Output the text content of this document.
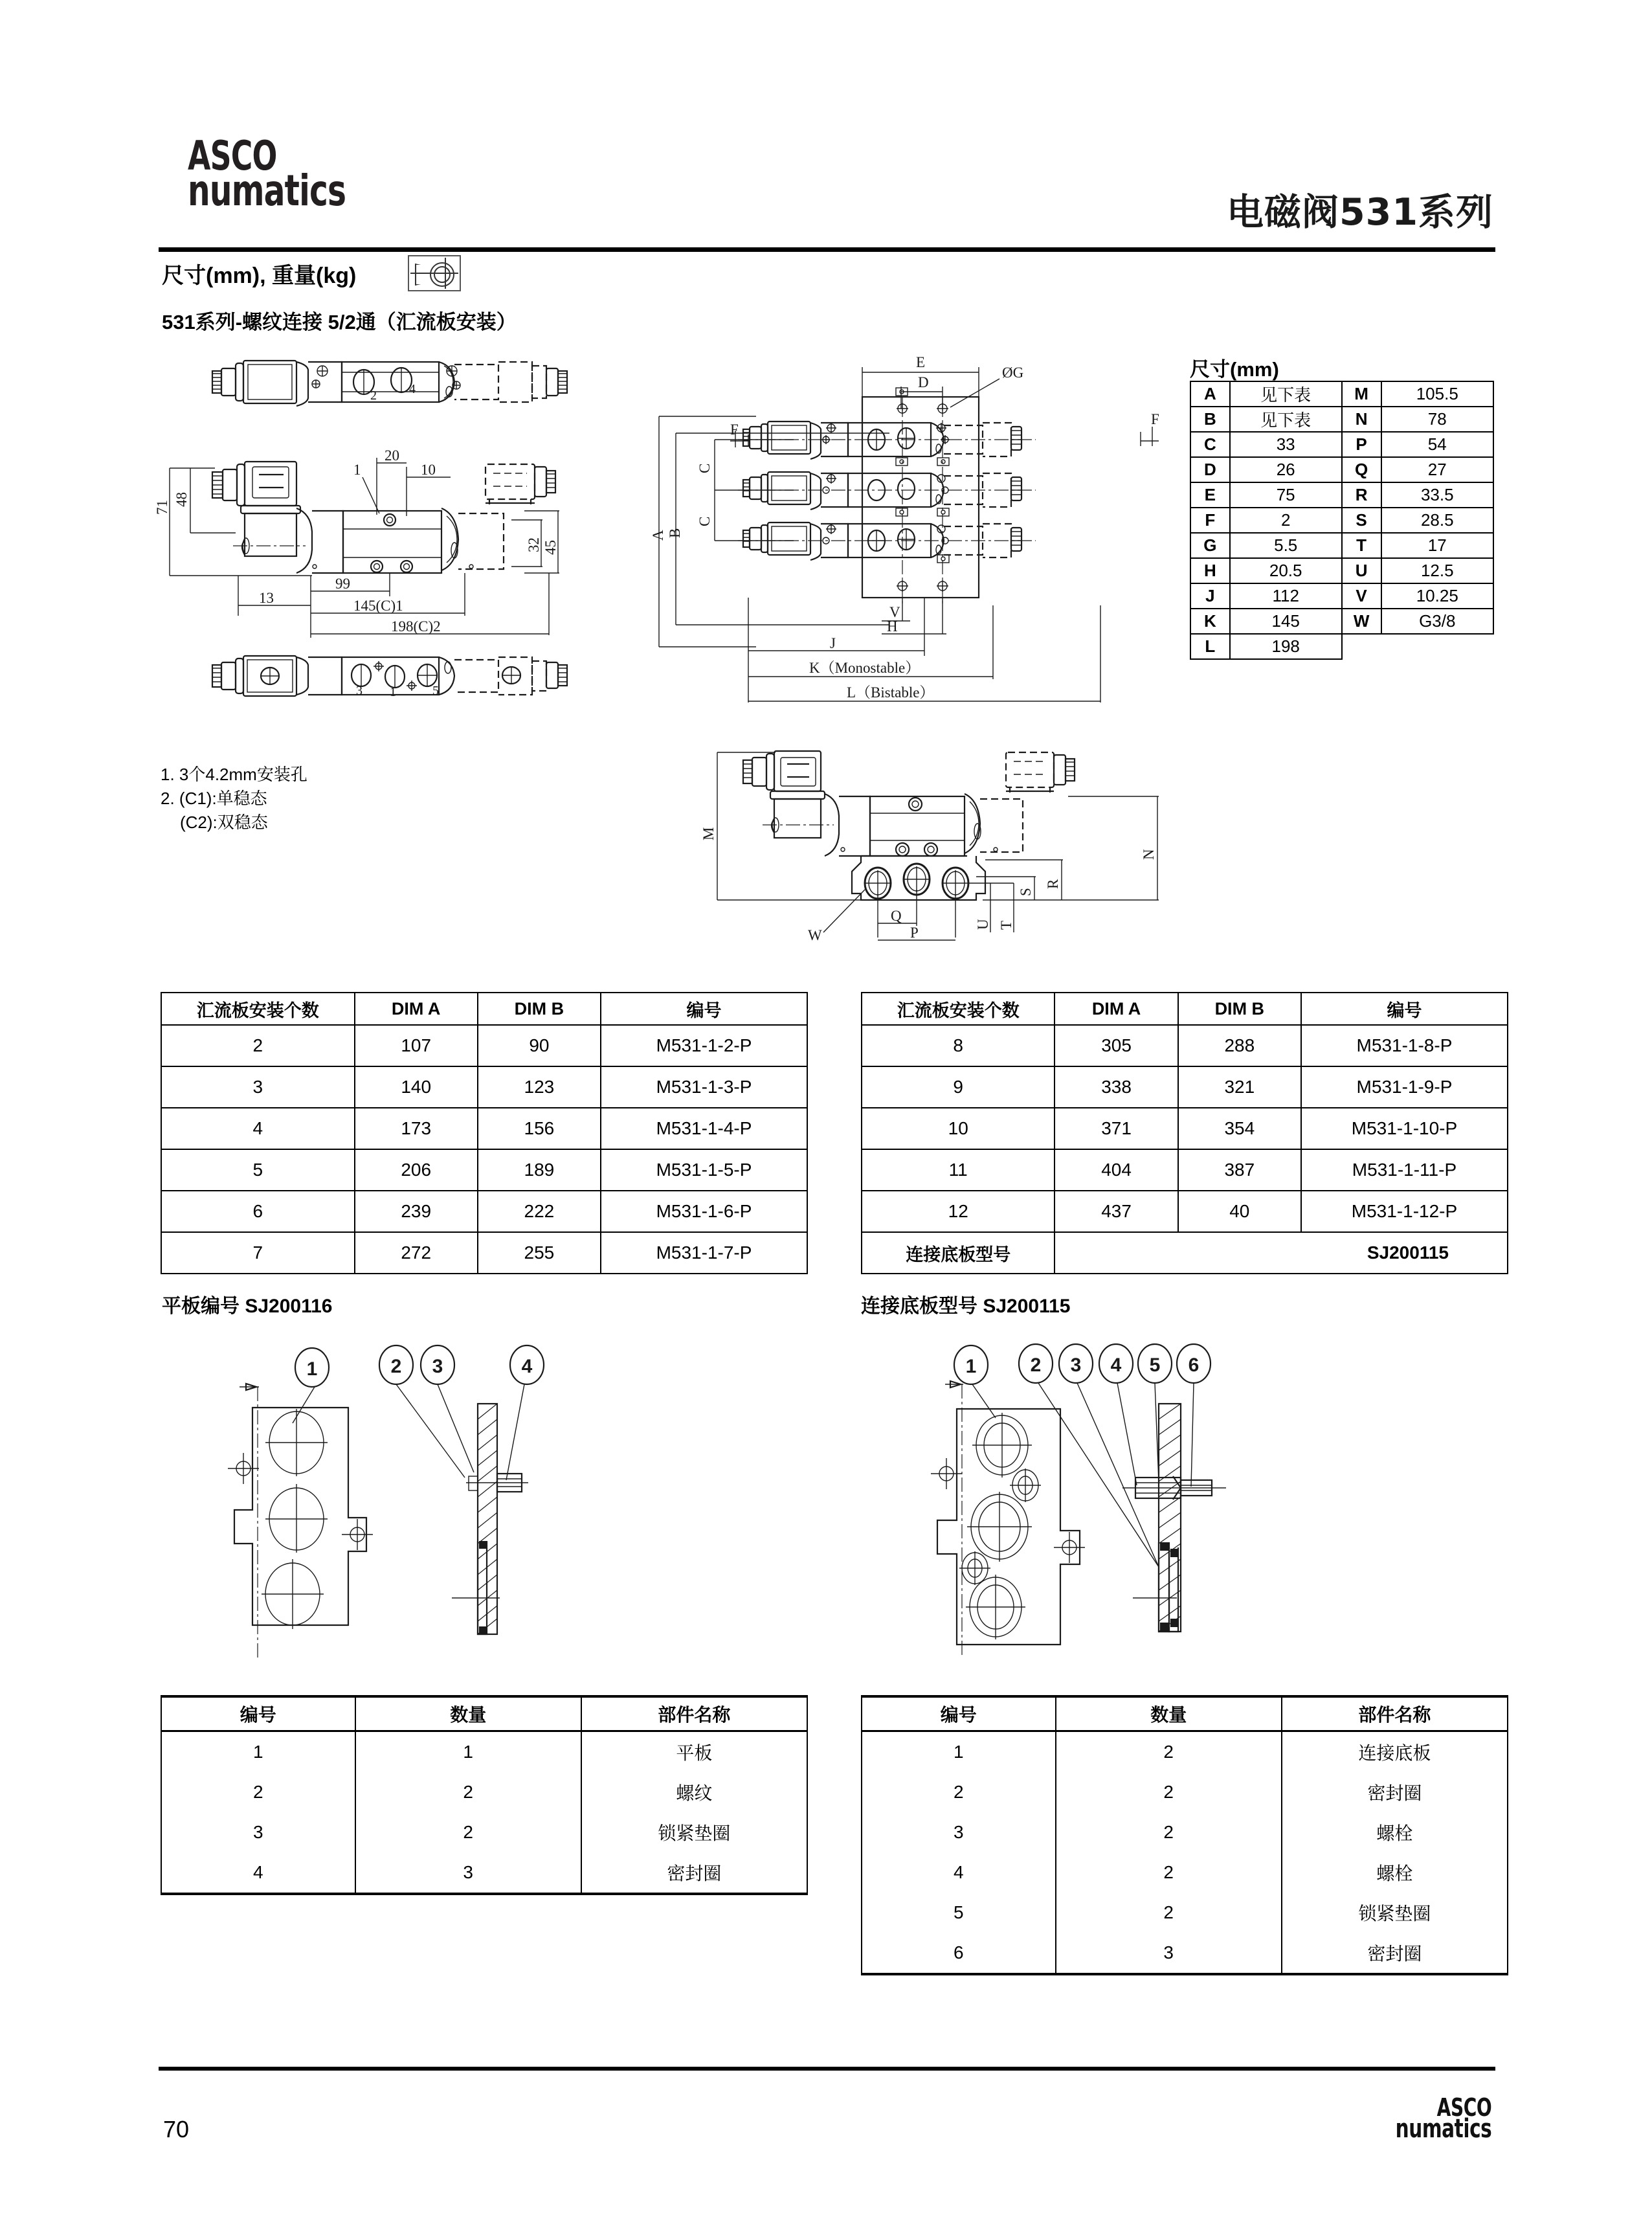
ASCO
numatics	电磁阀531系列
尺寸(mm), 重量(kg)
531系列-螺纹连接 5/2通（汇流板安装）
2	4
48
71
20
10
1
45
32
13
99
145(C)1
198(C)2
3 1	5
E
D
ØG
A B
C
C
F
F
V
H
J
K（Monostable）
L（Bistable）
M
N
R
S
T
U
Q
P
W
1. 3个4.2mm安装孔
2. (C1):单稳态
(C2):双稳态
尺寸(mm)
A	见下表	M	105.5
B	见下表	N	78
C	33	P	54
D	26	Q	27
E	75	R	33.5
F	2	S	28.5
G	5.5	T	17
H	20.5	U	12.5
J	112	V	10.25
K	145	W	G3/8
L	198		
汇流板安装个数	DIM A	DIM B	编号
2	107	90	M531-1-2-P
3	140	123	M531-1-3-P
4	173	156	M531-1-4-P
5	206	189	M531-1-5-P
6	239	222	M531-1-6-P
7	272	255	M531-1-7-P
汇流板安装个数	DIM A	DIM B	编号
8	305	288	M531-1-8-P
9	338	321	M531-1-9-P
10	371	354	M531-1-10-P
11	404	387	M531-1-11-P
12	437	40	M531-1-12-P
连接底板型号	SJ200115		
平板编号 SJ200116	连接底板型号 SJ200115
1	2 3	4	1	2 3 4 5 6
编号	数量	部件名称
1	1	平板
2	2	螺纹
3	2	锁紧垫圈
4	3	密封圈
编号	数量	部件名称
1	2	连接底板
2	2	密封圈
3	2	螺栓
4	2	螺栓
5	2	锁紧垫圈
6	3	密封圈
70
ASCO
numatics
